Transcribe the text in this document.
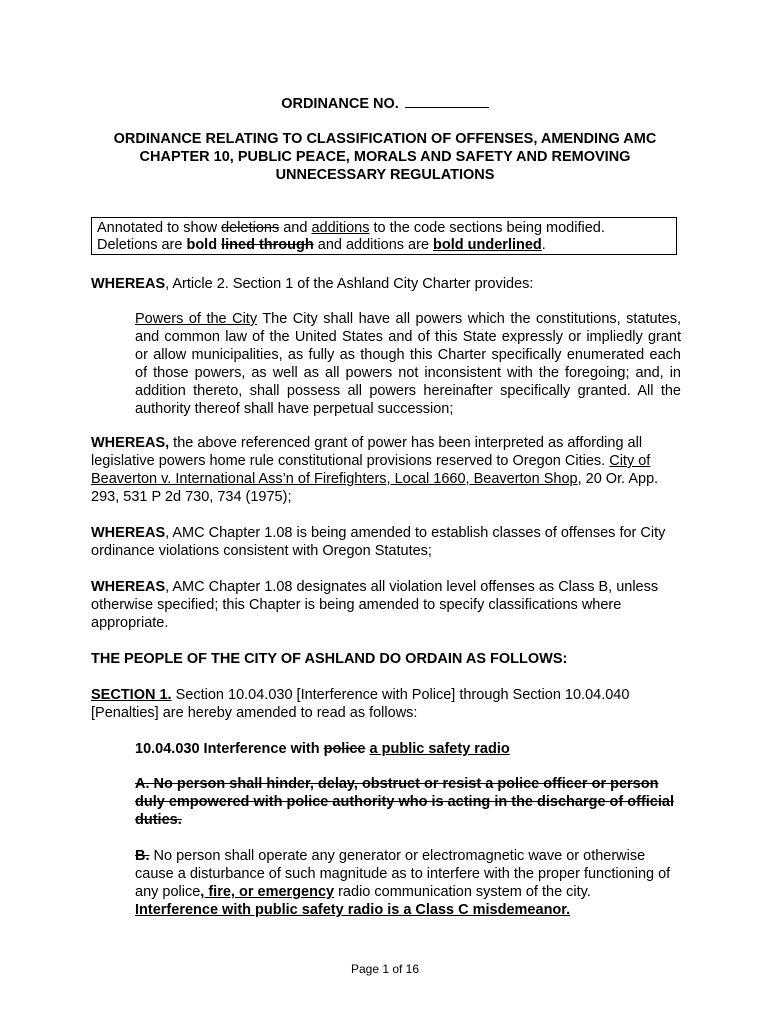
ORDINANCE NO.
ORDINANCE RELATING TO CLASSIFICATION OF OFFENSES, AMENDING AMC
CHAPTER 10, PUBLIC PEACE, MORALS AND SAFETY AND REMOVING
UNNECESSARY REGULATIONS
Annotated to show deletions and additions to the code sections being modified.
Deletions are bold lined through and additions are bold underlined.

WHEREAS, Article 2. Section 1 of the Ashland City Charter provides:

Powers of the City The City shall have all powers which the constitutions, statutes, and common law of the United States and of this State expressly or impliedly grant or allow municipalities, as fully as though this Charter specifically enumerated each of those powers, as well as all powers not inconsistent with the foregoing; and, in addition thereto, shall possess all powers hereinafter specifically granted. All the authority thereof shall have perpetual succession;

WHEREAS, the above referenced grant of power has been interpreted as affording all legislative powers home rule constitutional provisions reserved to Oregon Cities. City of Beaverton v. International Ass’n of Firefighters, Local 1660, Beaverton Shop, 20 Or. App. 293, 531 P 2d 730, 734 (1975);

WHEREAS, AMC Chapter 1.08 is being amended to establish classes of offenses for City ordinance violations consistent with Oregon Statutes;

WHEREAS, AMC Chapter 1.08 designates all violation level offenses as Class B, unless otherwise specified; this Chapter is being amended to specify classifications where appropriate.

THE PEOPLE OF THE CITY OF ASHLAND DO ORDAIN AS FOLLOWS:

SECTION 1. Section 10.04.030 [Interference with Police] through Section 10.04.040 [Penalties] are hereby amended to read as follows:

10.04.030 Interference with police a public safety radio

A. No person shall hinder, delay, obstruct or resist a police officer or person duly empowered with police authority who is acting in the discharge of official duties.

B. No person shall operate any generator or electromagnetic wave or otherwise cause a disturbance of such magnitude as to interfere with the proper functioning of any police, fire, or emergency radio communication system of the city.
Interference with public safety radio is a Class C misdemeanor.

Page 1 of 16
